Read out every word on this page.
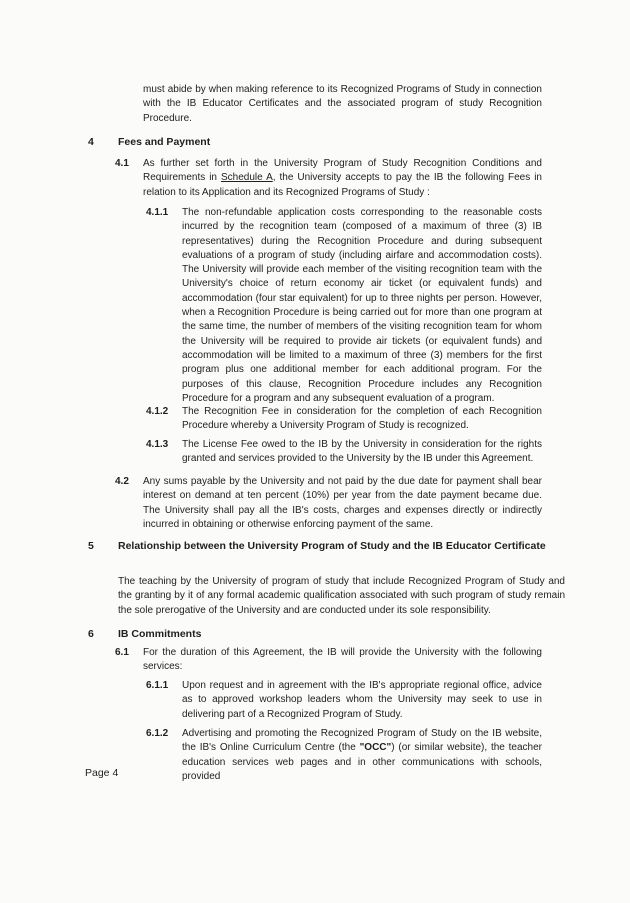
must abide by when making reference to its Recognized Programs of Study in connection with the IB Educator Certificates and the associated program of study Recognition Procedure.

4 Fees and Payment

4.1 As further set forth in the University Program of Study Recognition Conditions and Requirements in Schedule A, the University accepts to pay the IB the following Fees in relation to its Application and its Recognized Programs of Study :

4.1.1 The non-refundable application costs corresponding to the reasonable costs incurred by the recognition team (composed of a maximum of three (3) IB representatives) during the Recognition Procedure and during subsequent evaluations of a program of study (including airfare and accommodation costs). The University will provide each member of the visiting recognition team with the University's choice of return economy air ticket (or equivalent funds) and accommodation (four star equivalent) for up to three nights per person. However, when a Recognition Procedure is being carried out for more than one program at the same time, the number of members of the visiting recognition team for whom the University will be required to provide air tickets (or equivalent funds) and accommodation will be limited to a maximum of three (3) members for the first program plus one additional member for each additional program. For the purposes of this clause, Recognition Procedure includes any Recognition Procedure for a program and any subsequent evaluation of a program.

4.1.2 The Recognition Fee in consideration for the completion of each Recognition Procedure whereby a University Program of Study is recognized.

4.1.3 The License Fee owed to the IB by the University in consideration for the rights granted and services provided to the University by the IB under this Agreement.

4.2 Any sums payable by the University and not paid by the due date for payment shall bear interest on demand at ten percent (10%) per year from the date payment became due. The University shall pay all the IB's costs, charges and expenses directly or indirectly incurred in obtaining or otherwise enforcing payment of the same.

5 Relationship between the University Program of Study and the IB Educator Certificate

The teaching by the University of program of study that include Recognized Program of Study and the granting by it of any formal academic qualification associated with such program of study remain the sole prerogative of the University and are conducted under its sole responsibility.

6 IB Commitments

6.1 For the duration of this Agreement, the IB will provide the University with the following services:

6.1.1 Upon request and in agreement with the IB's appropriate regional office, advice as to approved workshop leaders whom the University may seek to use in delivering part of a Recognized Program of Study.

6.1.2 Advertising and promoting the Recognized Program of Study on the IB website, the IB's Online Curriculum Centre (the "OCC") (or similar website), the teacher education services web pages and in other communications with schools, provided

Page 4
